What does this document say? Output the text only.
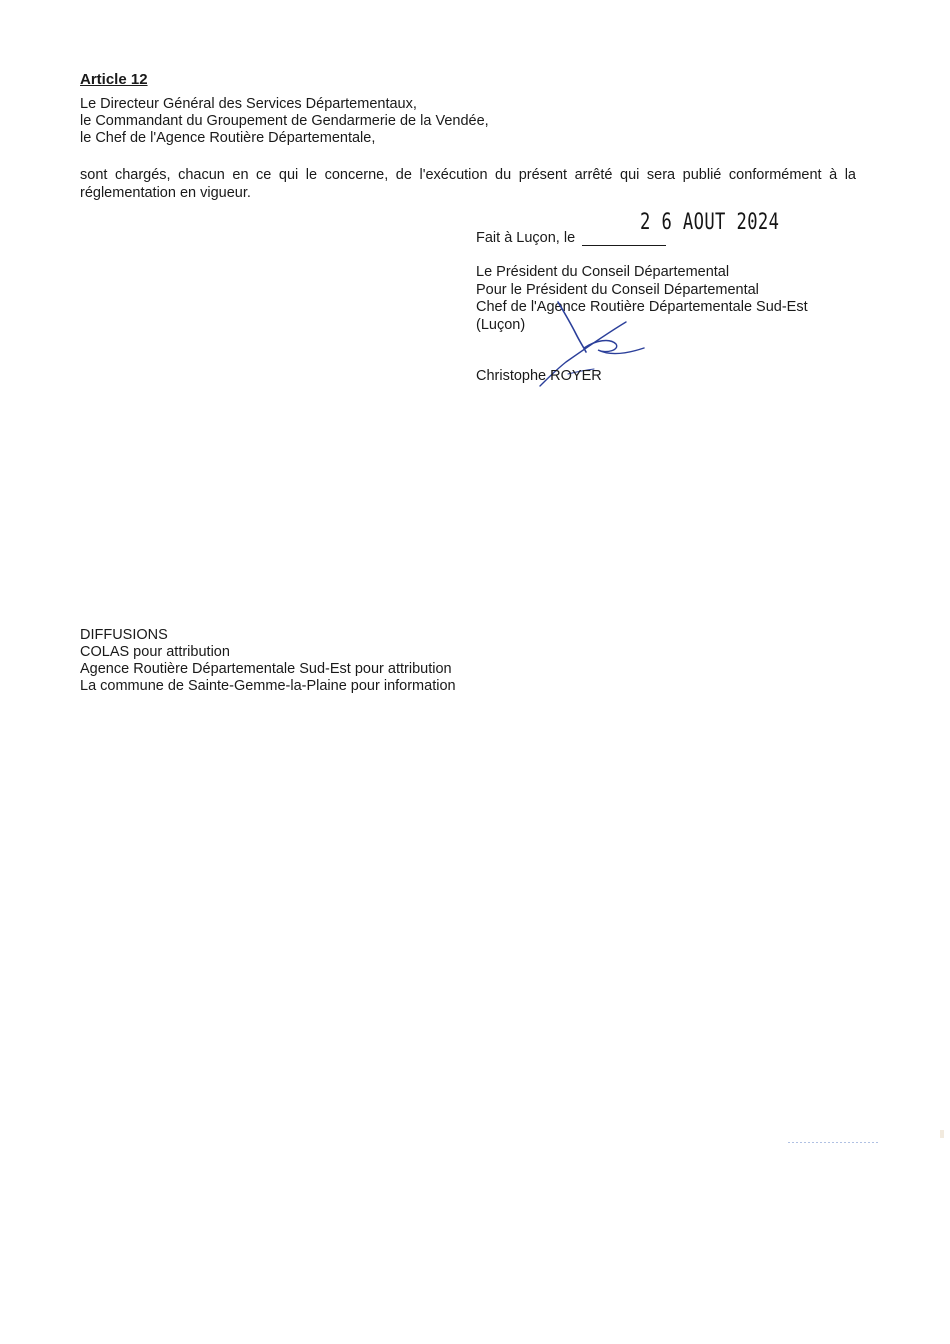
Article 12
Le Directeur Général des Services Départementaux,
le Commandant du Groupement de Gendarmerie de la Vendée,
le Chef de l'Agence Routière Départementale,
sont chargés, chacun en ce qui le concerne, de l'exécution du présent arrêté qui sera publié conformément à la réglementation en vigueur.
2 6 AOUT 2024
Fait à Luçon, le
Le Président du Conseil Départemental
Pour le Président du Conseil Départemental
Chef de l'Agence Routière Départementale Sud-Est
(Luçon)
Christophe ROYER
DIFFUSIONS
COLAS pour attribution
Agence Routière Départementale Sud-Est pour attribution
La commune de Sainte-Gemme-la-Plaine pour information
